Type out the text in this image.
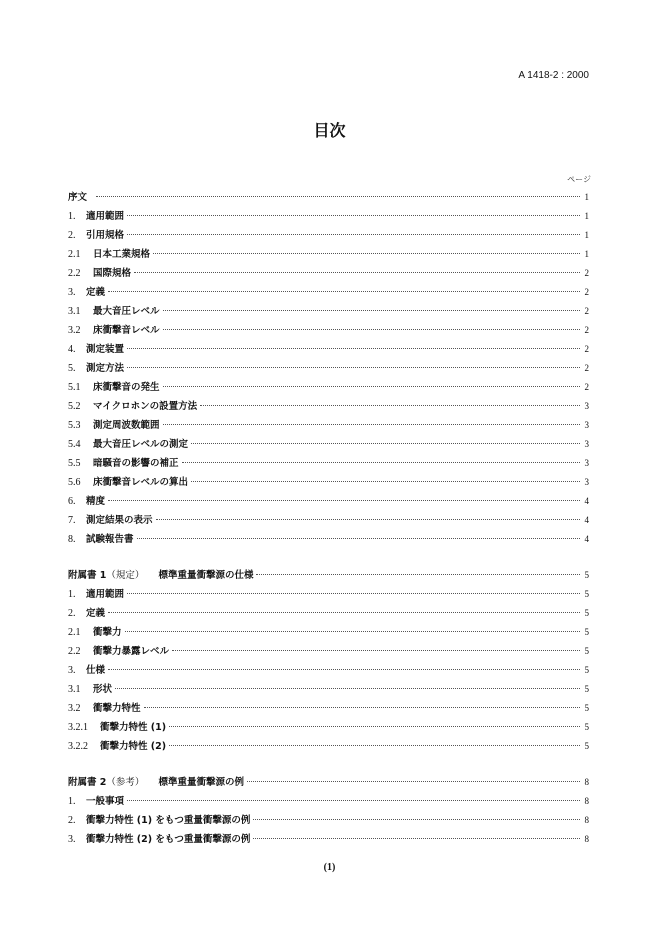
A 1418-2 : 2000
目次
ページ
序文	1
1.	適用範囲	1
2.	引用規格	1
2.1	日本工業規格	1
2.2	国際規格	2
3.	定義	2
3.1	最大音圧レベル	2
3.2	床衝撃音レベル	2
4.	測定装置	2
5.	測定方法	2
5.1	床衝撃音の発生	2
5.2	マイクロホンの設置方法	3
5.3	測定周波数範囲	3
5.4	最大音圧レベルの測定	3
5.5	暗騒音の影響の補正	3
5.6	床衝撃音レベルの算出	3
6.	精度	4
7.	測定結果の表示	4
8.	試験報告書	4
附属書 1（規定） 標準重量衝撃源の仕様	5
1.	適用範囲	5
2.	定義	5
2.1	衝撃力	5
2.2	衝撃力暴露レベル	5
3.	仕様	5
3.1	形状	5
3.2	衝撃力特性	5
3.2.1	衝撃力特性 (1)	5
3.2.2	衝撃力特性 (2)	5
附属書 2（参考） 標準重量衝撃源の例	8
1.	一般事項	8
2.	衝撃力特性 (1) をもつ重量衝撃源の例	8
3.	衝撃力特性 (2) をもつ重量衝撃源の例	8
(1)
